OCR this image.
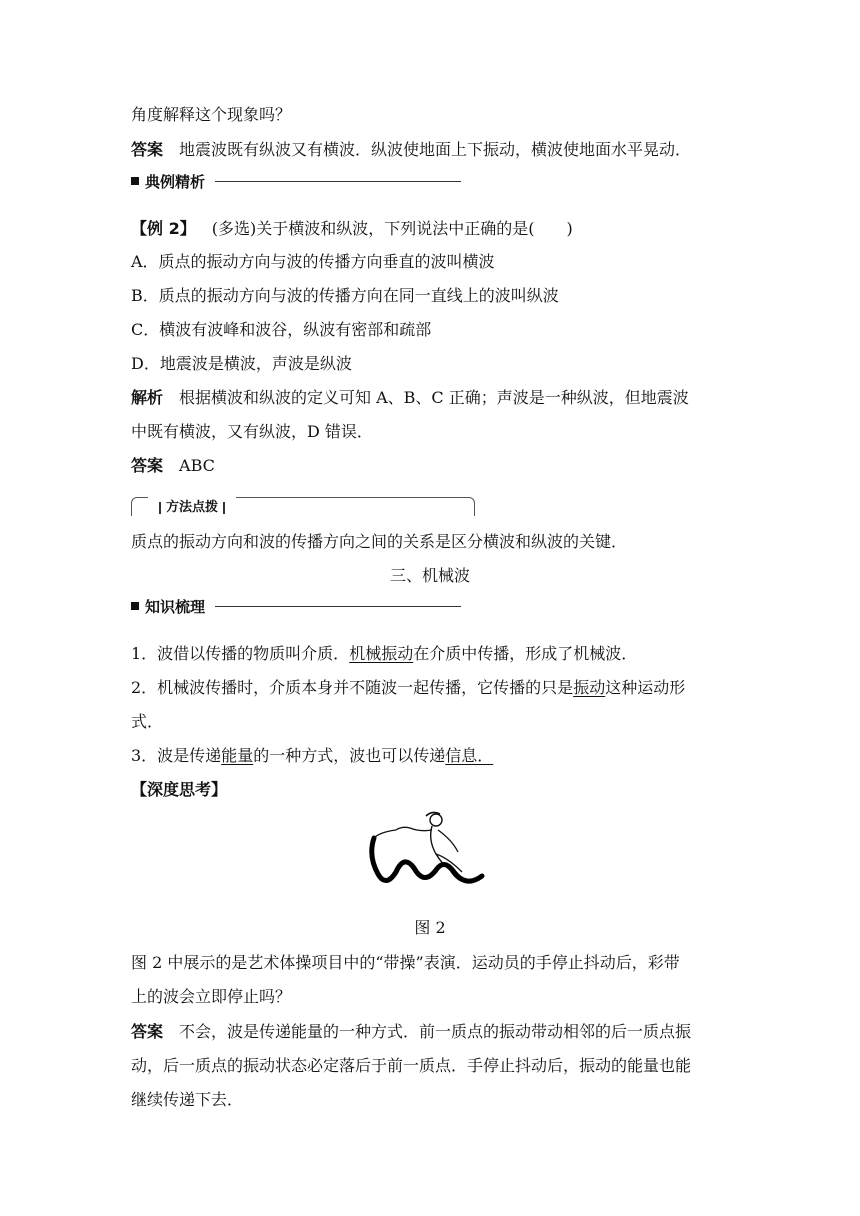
角度解释这个现象吗？
答案 地震波既有纵波又有横波．纵波使地面上下振动，横波使地面水平晃动．
典例精析
【例 2】 (多选)关于横波和纵波，下列说法中正确的是(　　)
A．质点的振动方向与波的传播方向垂直的波叫横波
B．质点的振动方向与波的传播方向在同一直线上的波叫纵波
C．横波有波峰和波谷，纵波有密部和疏部
D．地震波是横波，声波是纵波
解析 根据横波和纵波的定义可知 A、B、C 正确；声波是一种纵波，但地震波
中既有横波，又有纵波，D 错误．
答案 ABC
方法点拨
质点的振动方向和波的传播方向之间的关系是区分横波和纵波的关键．
三、机械波
知识梳理
1．波借以传播的物质叫介质．机械振动在介质中传播，形成了机械波．
2．机械波传播时，介质本身并不随波一起传播，它传播的只是振动这种运动形
式．
3．波是传递能量的一种方式，波也可以传递信息．
【深度思考】
图 2
图 2 中展示的是艺术体操项目中的“带操”表演．运动员的手停止抖动后，彩带
上的波会立即停止吗？
答案 不会，波是传递能量的一种方式．前一质点的振动带动相邻的后一质点振
动，后一质点的振动状态必定落后于前一质点．手停止抖动后，振动的能量也能
继续传递下去．
